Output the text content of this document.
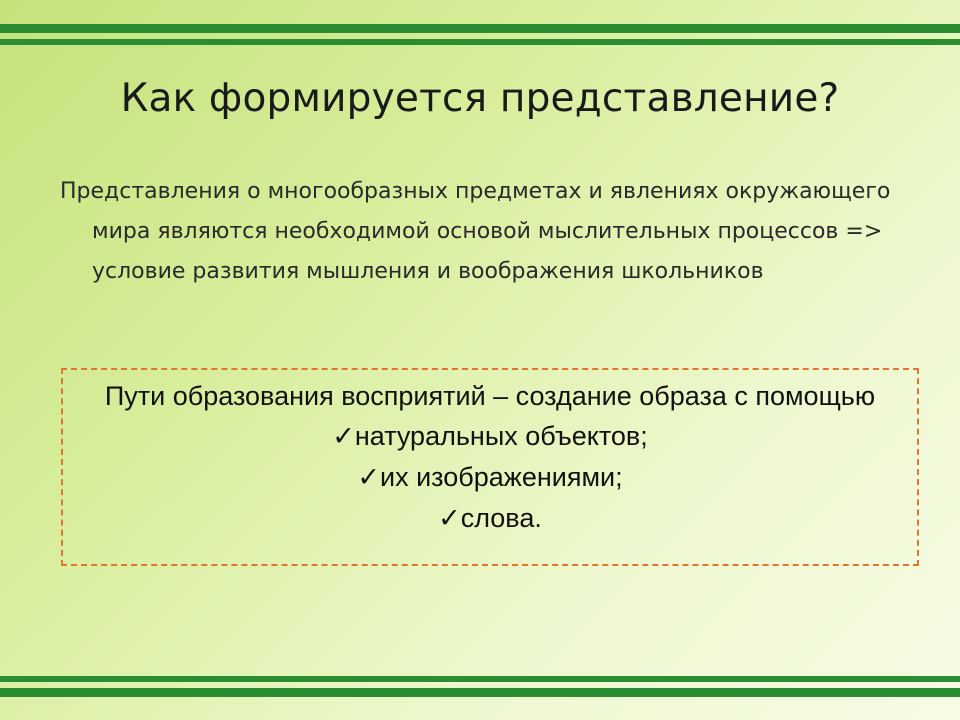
Как формируется представление?

Представления о многообразных предметах и явлениях окружающего мира являются необходимой основой мыслительных процессов => условие развития мышления и воображения школьников

Пути образования восприятий – создание образа с помощью
✓натуральных объектов;
✓их изображениями;
✓слова.
